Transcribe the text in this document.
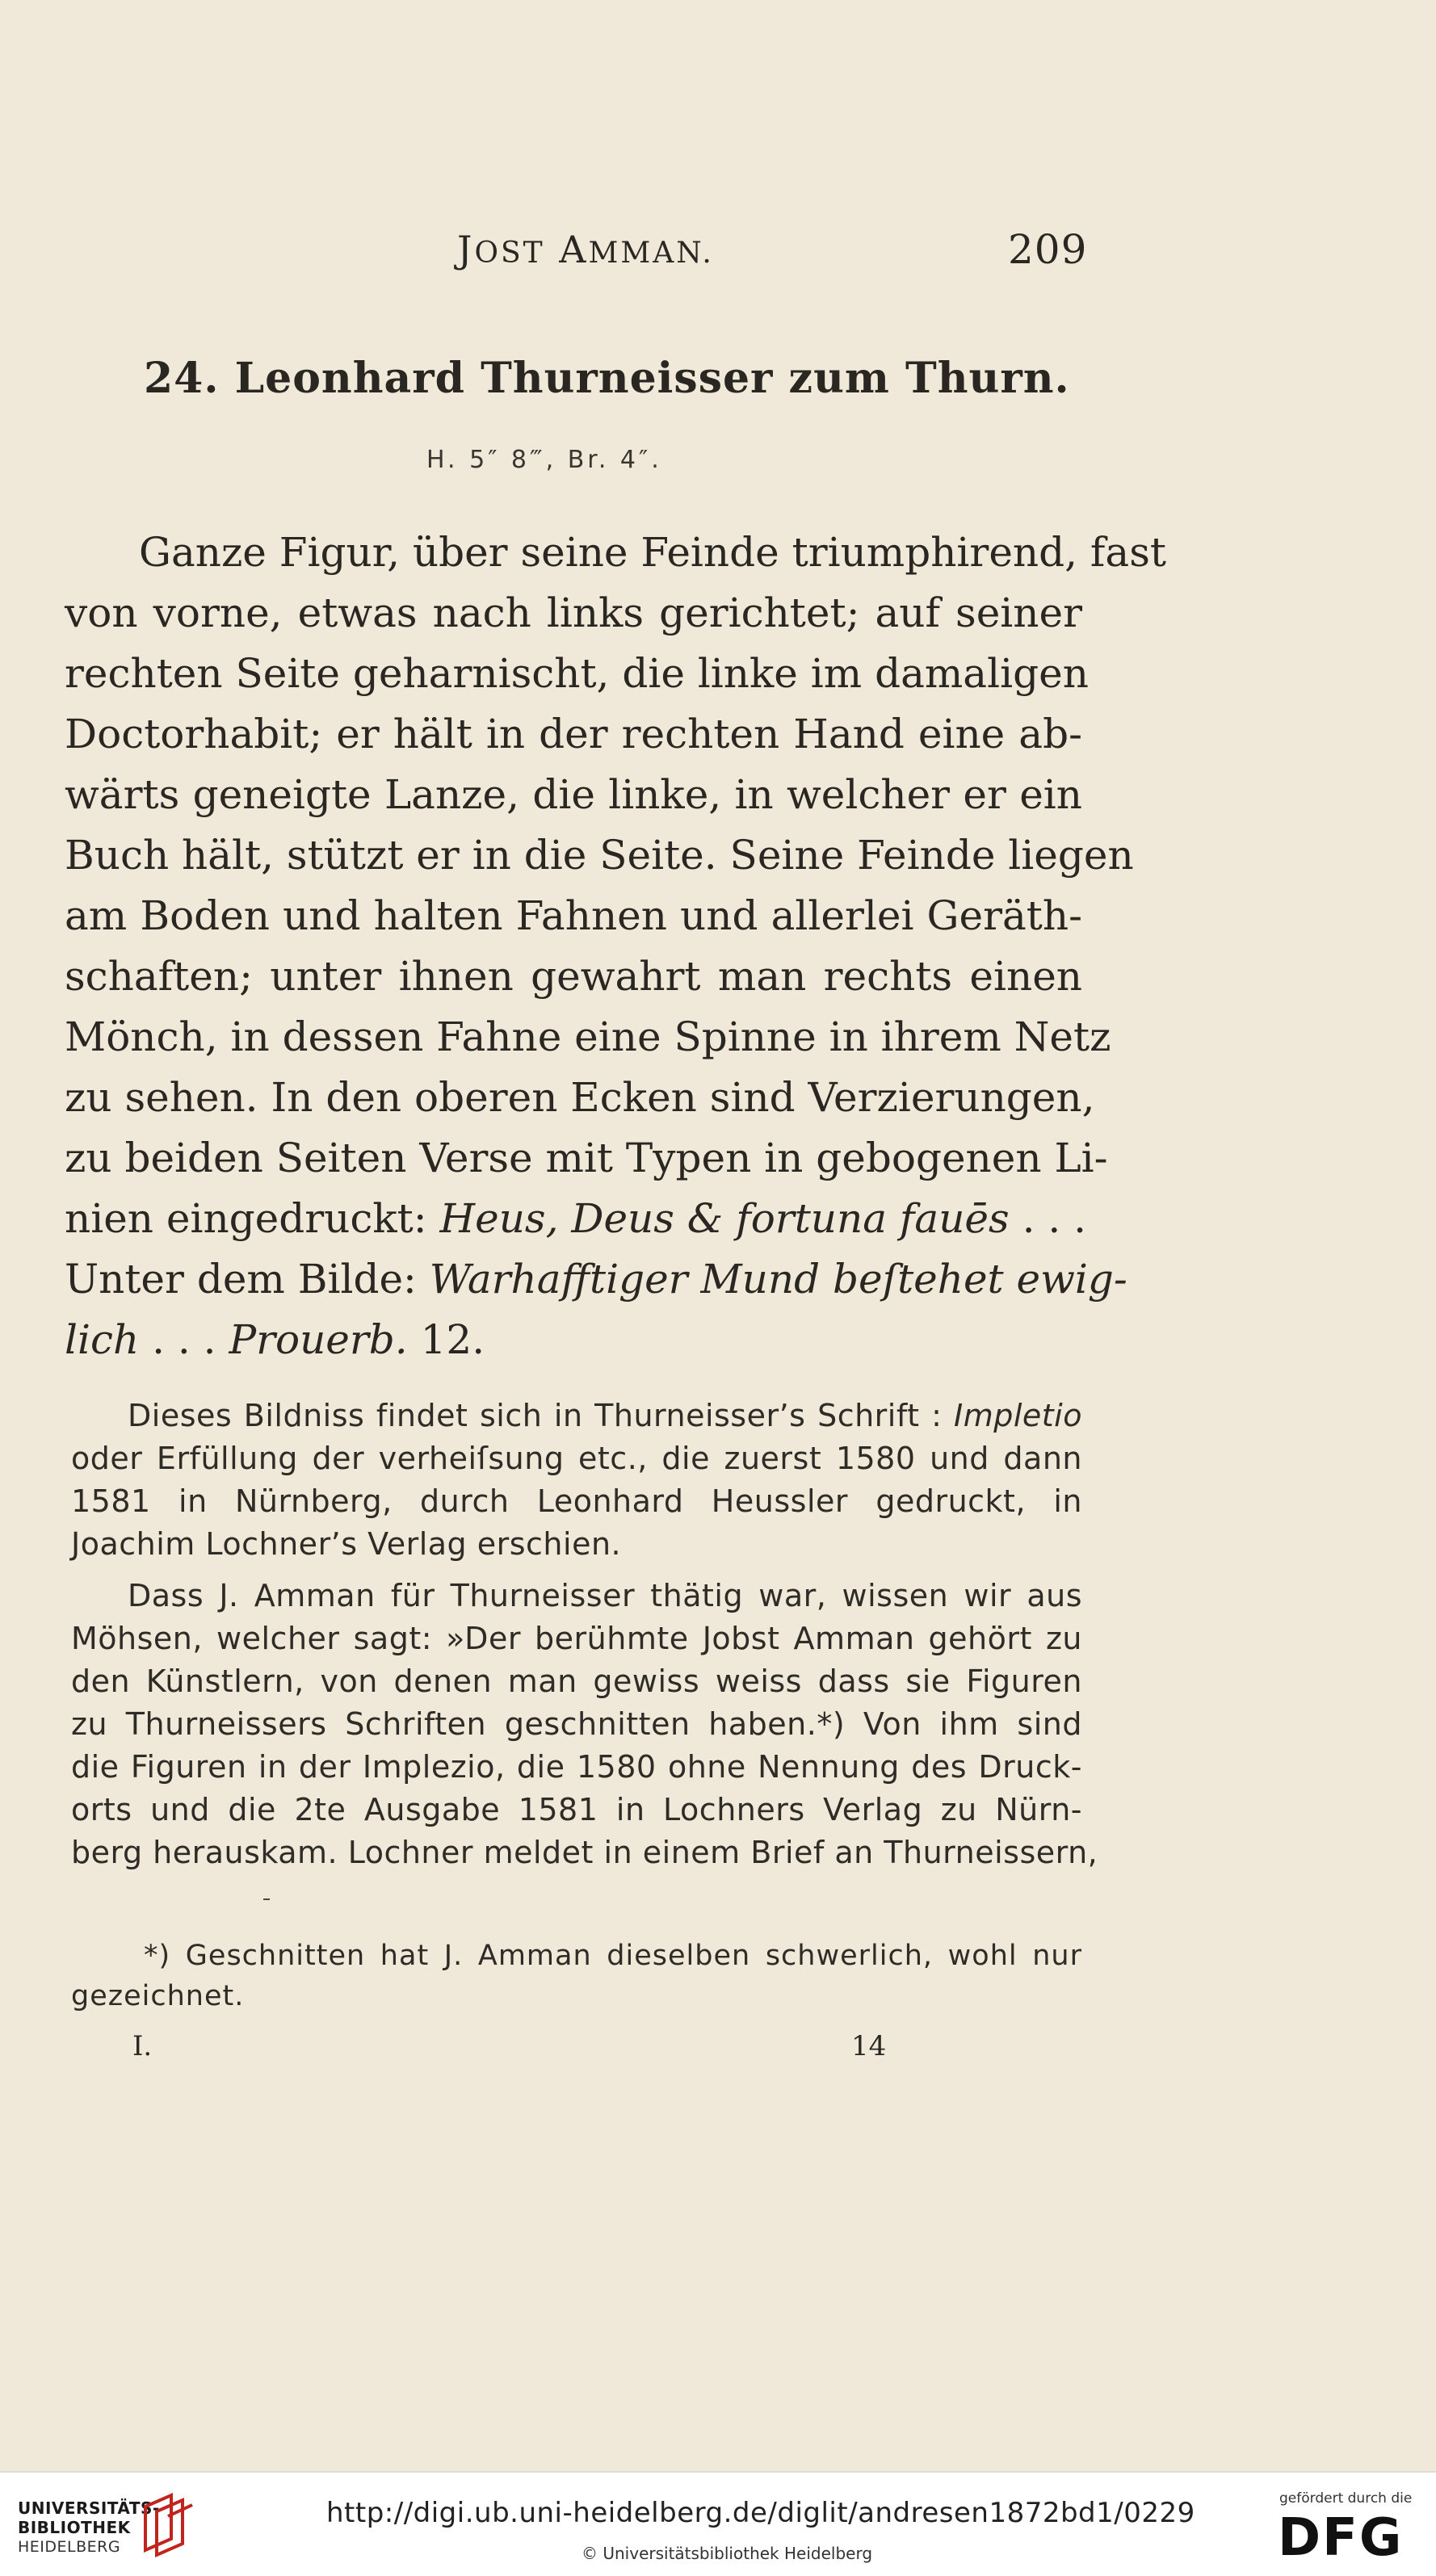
JOST AMMAN.	209
24. Leonhard Thurneisser zum Thurn.
H. 5″ 8‴, Br. 4″.
Ganze Figur, über seine Feinde triumphirend, fast
von vorne, etwas nach links gerichtet; auf seiner
rechten Seite geharnischt, die linke im damaligen
Doctorhabit; er hält in der rechten Hand eine ab-
wärts geneigte Lanze, die linke, in welcher er ein
Buch hält, stützt er in die Seite. Seine Feinde liegen
am Boden und halten Fahnen und allerlei Geräth-
schaften; unter ihnen gewahrt man rechts einen
Mönch, in dessen Fahne eine Spinne in ihrem Netz
zu sehen. In den oberen Ecken sind Verzierungen,
zu beiden Seiten Verse mit Typen in gebogenen Li-
nien eingedruckt: Heus, Deus & fortuna fauēs . . .
Unter dem Bilde: Warhafftiger Mund beſtehet ewig-
lich . . . Prouerb. 12.
Dieses Bildniss findet sich in Thurneisser’s Schrift : Impletio
oder Erfüllung der verheiſsung etc., die zuerst 1580 und dann
1581 in Nürnberg, durch Leonhard Heussler gedruckt, in
Joachim Lochner’s Verlag erschien.
Dass J. Amman für Thurneisser thätig war, wissen wir aus
Möhsen, welcher sagt: »Der berühmte Jobst Amman gehört zu
den Künstlern, von denen man gewiss weiss dass sie Figuren
zu Thurneissers Schriften geschnitten haben.*) Von ihm sind
die Figuren in der Implezio, die 1580 ohne Nennung des Druck-
orts und die 2te Ausgabe 1581 in Lochners Verlag zu Nürn-
berg herauskam. Lochner meldet in einem Brief an Thurneissern,
*) Geschnitten hat J. Amman dieselben schwerlich, wohl nur
gezeichnet.
I.	14
UNIVERSITÄTS-
BIBLIOTHEK
HEIDELBERG
http://digi.ub.uni-heidelberg.de/diglit/andresen1872bd1/0229
© Universitätsbibliothek Heidelberg
gefördert durch die
DFG
